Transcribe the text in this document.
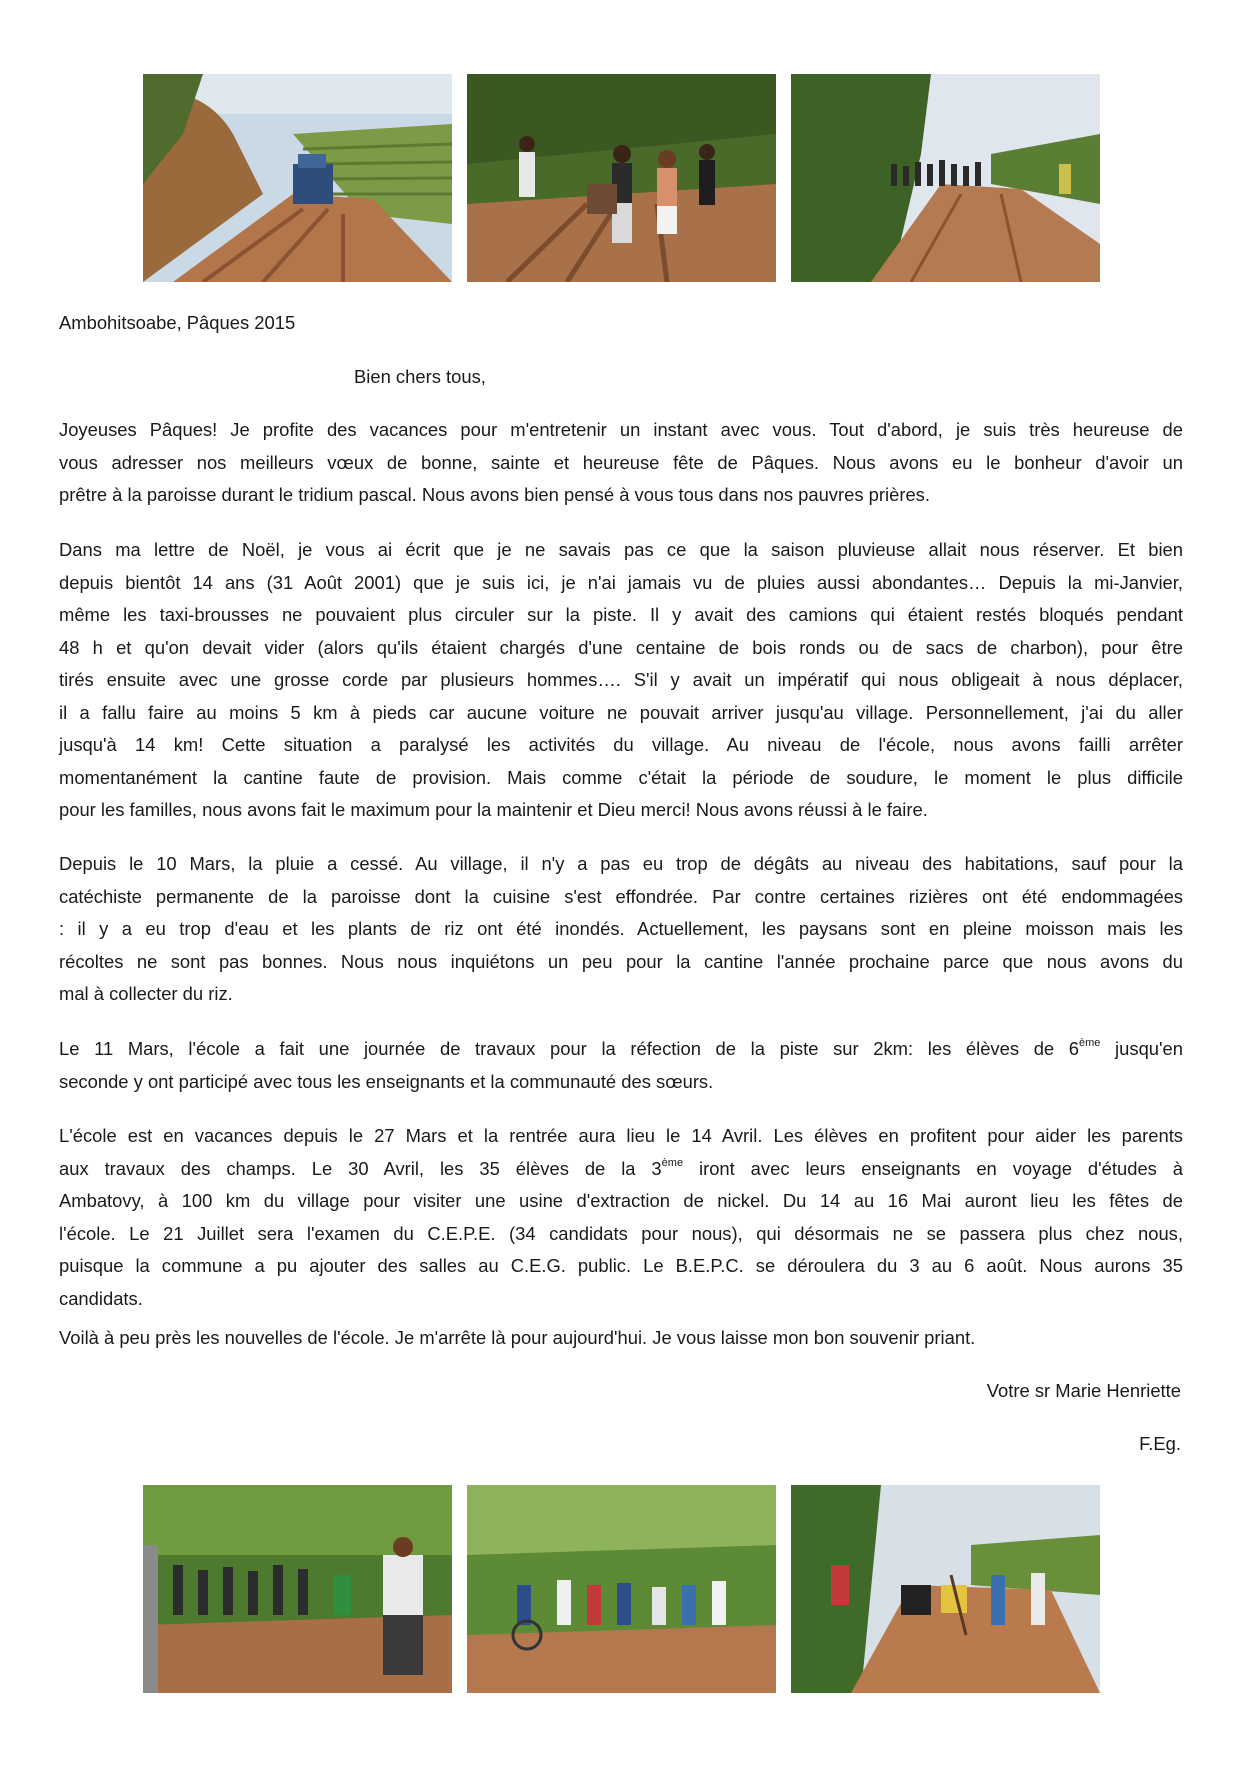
Ambohitsoabe, Pâques 2015
Bien chers tous,
Joyeuses Pâques! Je profite des vacances pour m'entretenir un instant avec vous. Tout d'abord, je suis très heureuse de
vous adresser nos meilleurs vœux de bonne, sainte et heureuse fête de Pâques. Nous avons eu le bonheur d'avoir un
prêtre à la paroisse durant le tridium pascal. Nous avons bien pensé à vous tous dans nos pauvres prières.
Dans ma lettre de Noël, je vous ai écrit que je ne savais pas ce que la saison pluvieuse allait nous réserver. Et bien
depuis bientôt 14 ans (31 Août 2001) que je suis ici, je n'ai jamais vu de pluies aussi abondantes… Depuis la mi-Janvier,
même les taxi-brousses ne pouvaient plus circuler sur la piste. Il y avait des camions qui étaient restés bloqués pendant
48 h et qu'on devait vider (alors qu'ils étaient chargés d'une centaine de bois ronds ou de sacs de charbon), pour être
tirés ensuite avec une grosse corde par plusieurs hommes…. S'il y avait un impératif qui nous obligeait à nous déplacer,
il a fallu faire au moins 5 km à pieds car aucune voiture ne pouvait arriver jusqu'au village. Personnellement, j'ai du aller
jusqu'à 14 km! Cette situation a paralysé les activités du village. Au niveau de l'école, nous avons failli arrêter
momentanément la cantine faute de provision. Mais comme c'était la période de soudure, le moment le plus difficile
pour les familles, nous avons fait le maximum pour la maintenir et Dieu merci! Nous avons réussi à le faire.
Depuis le 10 Mars, la pluie a cessé. Au village, il n'y a pas eu trop de dégâts au niveau des habitations, sauf pour la
catéchiste permanente de la paroisse dont la cuisine s'est effondrée. Par contre certaines rizières ont été endommagées
: il y a eu trop d'eau et les plants de riz ont été inondés. Actuellement, les paysans sont en pleine moisson mais les
récoltes ne sont pas bonnes. Nous nous inquiétons un peu pour la cantine l'année prochaine parce que nous avons du
mal à collecter du riz.
Le 11 Mars, l'école a fait une journée de travaux pour la réfection de la piste sur 2km: les élèves de 6ème jusqu'en
seconde y ont participé avec tous les enseignants et la communauté des sœurs.
L'école est en vacances depuis le 27 Mars et la rentrée aura lieu le 14 Avril. Les élèves en profitent pour aider les parents
aux travaux des champs. Le 30 Avril, les 35 élèves de la 3ème iront avec leurs enseignants en voyage d'études à
Ambatovy, à 100 km du village pour visiter une usine d'extraction de nickel. Du 14 au 16 Mai auront lieu les fêtes de
l'école. Le 21 Juillet sera l'examen du C.E.P.E. (34 candidats pour nous), qui désormais ne se passera plus chez nous,
puisque la commune a pu ajouter des salles au C.E.G. public. Le B.E.P.C. se déroulera du 3 au 6 août. Nous aurons 35
candidats.
Voilà à peu près les nouvelles de l'école. Je m'arrête là pour aujourd'hui. Je vous laisse mon bon souvenir priant.
Votre sr Marie Henriette
F.Eg.
